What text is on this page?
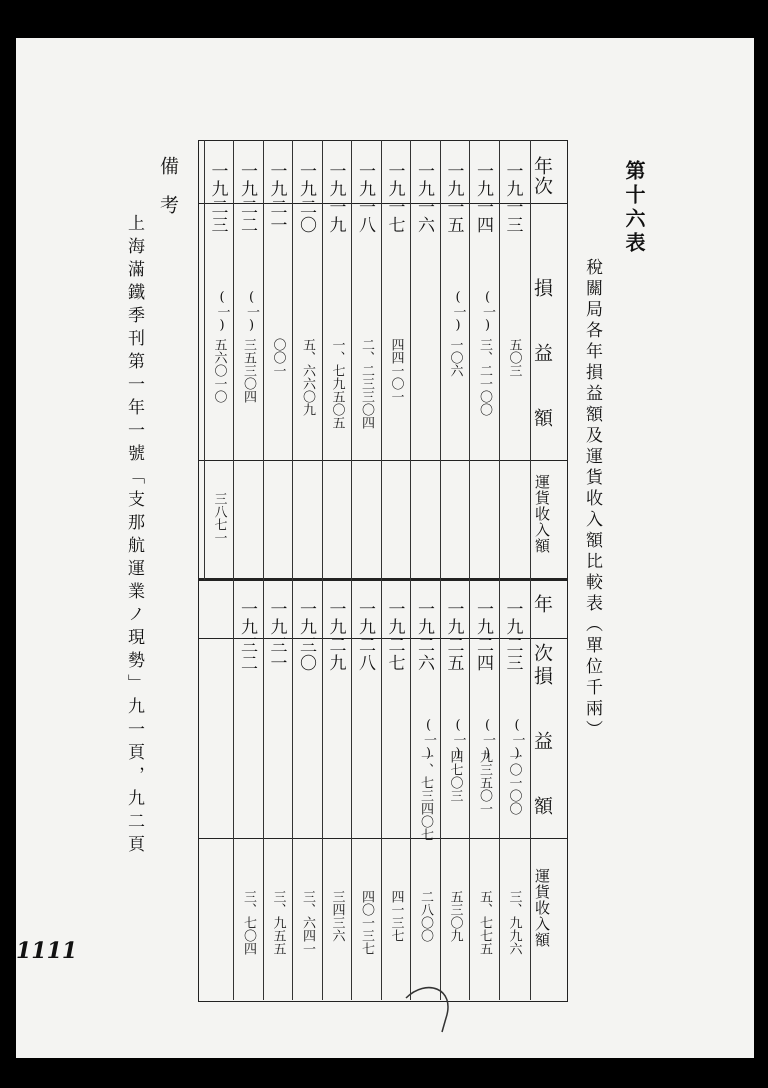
第十六表
稅關局各年損益額及運貨收入額比較表（單位千兩）
年次
損益額
運貨收入額
年次
損益額
運貨收入額
一九一三
五〇三
一九一四
(一)
三、二一〇〇
一九一五
(一)
一〇六
一九一六
一九一七
四四一〇一
一九一八
二、二三三〇四
一九一九
一、七九五〇五
一九二〇
五、六六〇九
一九二一
〇〇一
一九二二
(一)
三五三〇四
一九二三
(一)
五六〇一〇
三八七一
一九二三
(一)
一〇一〇〇
三、九九六
一九二四
(一)
九三五〇一
五、七七五
一九二五
(一)
四七〇三
五三〇九
一九二六
(一)
一、七三四〇七
二八〇〇
一九二七
四一三七
一九二八
四〇一三七
一九二九
三四三六
一九三〇
三、六四一
一九三一
三、九五五
一九三二
三、七〇四
備考
上海滿鐵季刊第一年一號「支那航運業ノ現勢」九一頁，九二頁
1111
